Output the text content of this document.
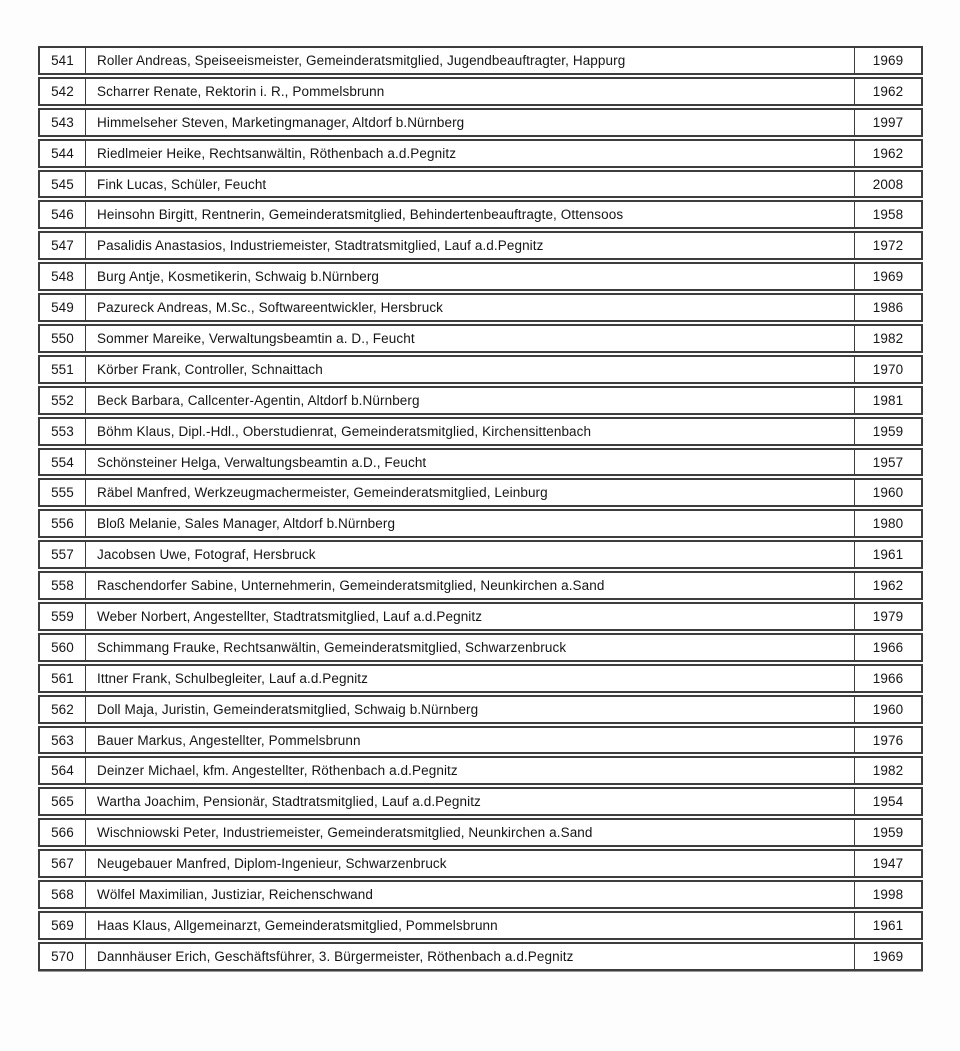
541	Roller Andreas, Speiseeismeister, Gemeinderatsmitglied, Jugendbeauftragter, Happurg	1969
542	Scharrer Renate, Rektorin i. R., Pommelsbrunn	1962
543	Himmelseher Steven, Marketingmanager, Altdorf b.Nürnberg	1997
544	Riedlmeier Heike, Rechtsanwältin, Röthenbach a.d.Pegnitz	1962
545	Fink Lucas, Schüler, Feucht	2008
546	Heinsohn Birgitt, Rentnerin, Gemeinderatsmitglied, Behindertenbeauftragte, Ottensoos	1958
547	Pasalidis Anastasios, Industriemeister, Stadtratsmitglied, Lauf a.d.Pegnitz	1972
548	Burg Antje, Kosmetikerin, Schwaig b.Nürnberg	1969
549	Pazureck Andreas, M.Sc., Softwareentwickler, Hersbruck	1986
550	Sommer Mareike, Verwaltungsbeamtin a. D., Feucht	1982
551	Körber Frank, Controller, Schnaittach	1970
552	Beck Barbara, Callcenter-Agentin, Altdorf b.Nürnberg	1981
553	Böhm Klaus, Dipl.-Hdl., Oberstudienrat, Gemeinderatsmitglied, Kirchensittenbach	1959
554	Schönsteiner Helga, Verwaltungsbeamtin a.D., Feucht	1957
555	Räbel Manfred, Werkzeugmachermeister, Gemeinderatsmitglied, Leinburg	1960
556	Bloß Melanie, Sales Manager, Altdorf b.Nürnberg	1980
557	Jacobsen Uwe, Fotograf, Hersbruck	1961
558	Raschendorfer Sabine, Unternehmerin, Gemeinderatsmitglied, Neunkirchen a.Sand	1962
559	Weber Norbert, Angestellter, Stadtratsmitglied, Lauf a.d.Pegnitz	1979
560	Schimmang Frauke, Rechtsanwältin, Gemeinderatsmitglied, Schwarzenbruck	1966
561	Ittner Frank, Schulbegleiter, Lauf a.d.Pegnitz	1966
562	Doll Maja, Juristin, Gemeinderatsmitglied, Schwaig b.Nürnberg	1960
563	Bauer Markus, Angestellter, Pommelsbrunn	1976
564	Deinzer Michael, kfm. Angestellter, Röthenbach a.d.Pegnitz	1982
565	Wartha Joachim, Pensionär, Stadtratsmitglied, Lauf a.d.Pegnitz	1954
566	Wischniowski Peter, Industriemeister, Gemeinderatsmitglied, Neunkirchen a.Sand	1959
567	Neugebauer Manfred, Diplom-Ingenieur, Schwarzenbruck	1947
568	Wölfel Maximilian, Justiziar, Reichenschwand	1998
569	Haas Klaus, Allgemeinarzt, Gemeinderatsmitglied, Pommelsbrunn	1961
570	Dannhäuser Erich, Geschäftsführer, 3. Bürgermeister, Röthenbach a.d.Pegnitz	1969
